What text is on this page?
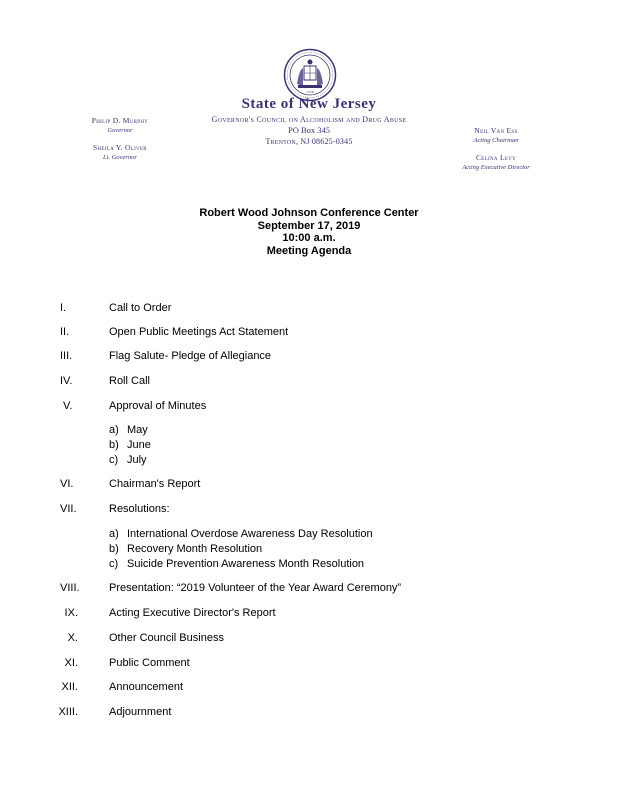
1776
State of New Jersey
Governor's Council on Alcoholism and Drug Abuse
PO Box 345
Trenton, NJ 08625-0345
Philip D. Murphy
Governor
Sheila Y. Oliver
Lt. Governor
Neil Van Ess
Acting Chairman
Celina Levy
Acting Executive Director
Robert Wood Johnson Conference Center
September 17, 2019
10:00 a.m.
Meeting Agenda
I.	Call to Order
II.	Open Public Meetings Act Statement
III.	Flag Salute- Pledge of Allegiance
IV.	Roll Call
V.	Approval of Minutes
a) May
b) June
c) July
VI.	Chairman's Report
VII.	Resolutions:
a) International Overdose Awareness Day Resolution
b) Recovery Month Resolution
c) Suicide Prevention Awareness Month Resolution
VIII.	Presentation: “2019 Volunteer of the Year Award Ceremony”
IX.	Acting Executive Director's Report
X.	Other Council Business
XI.	Public Comment
XII.	Announcement
XIII.	Adjournment
